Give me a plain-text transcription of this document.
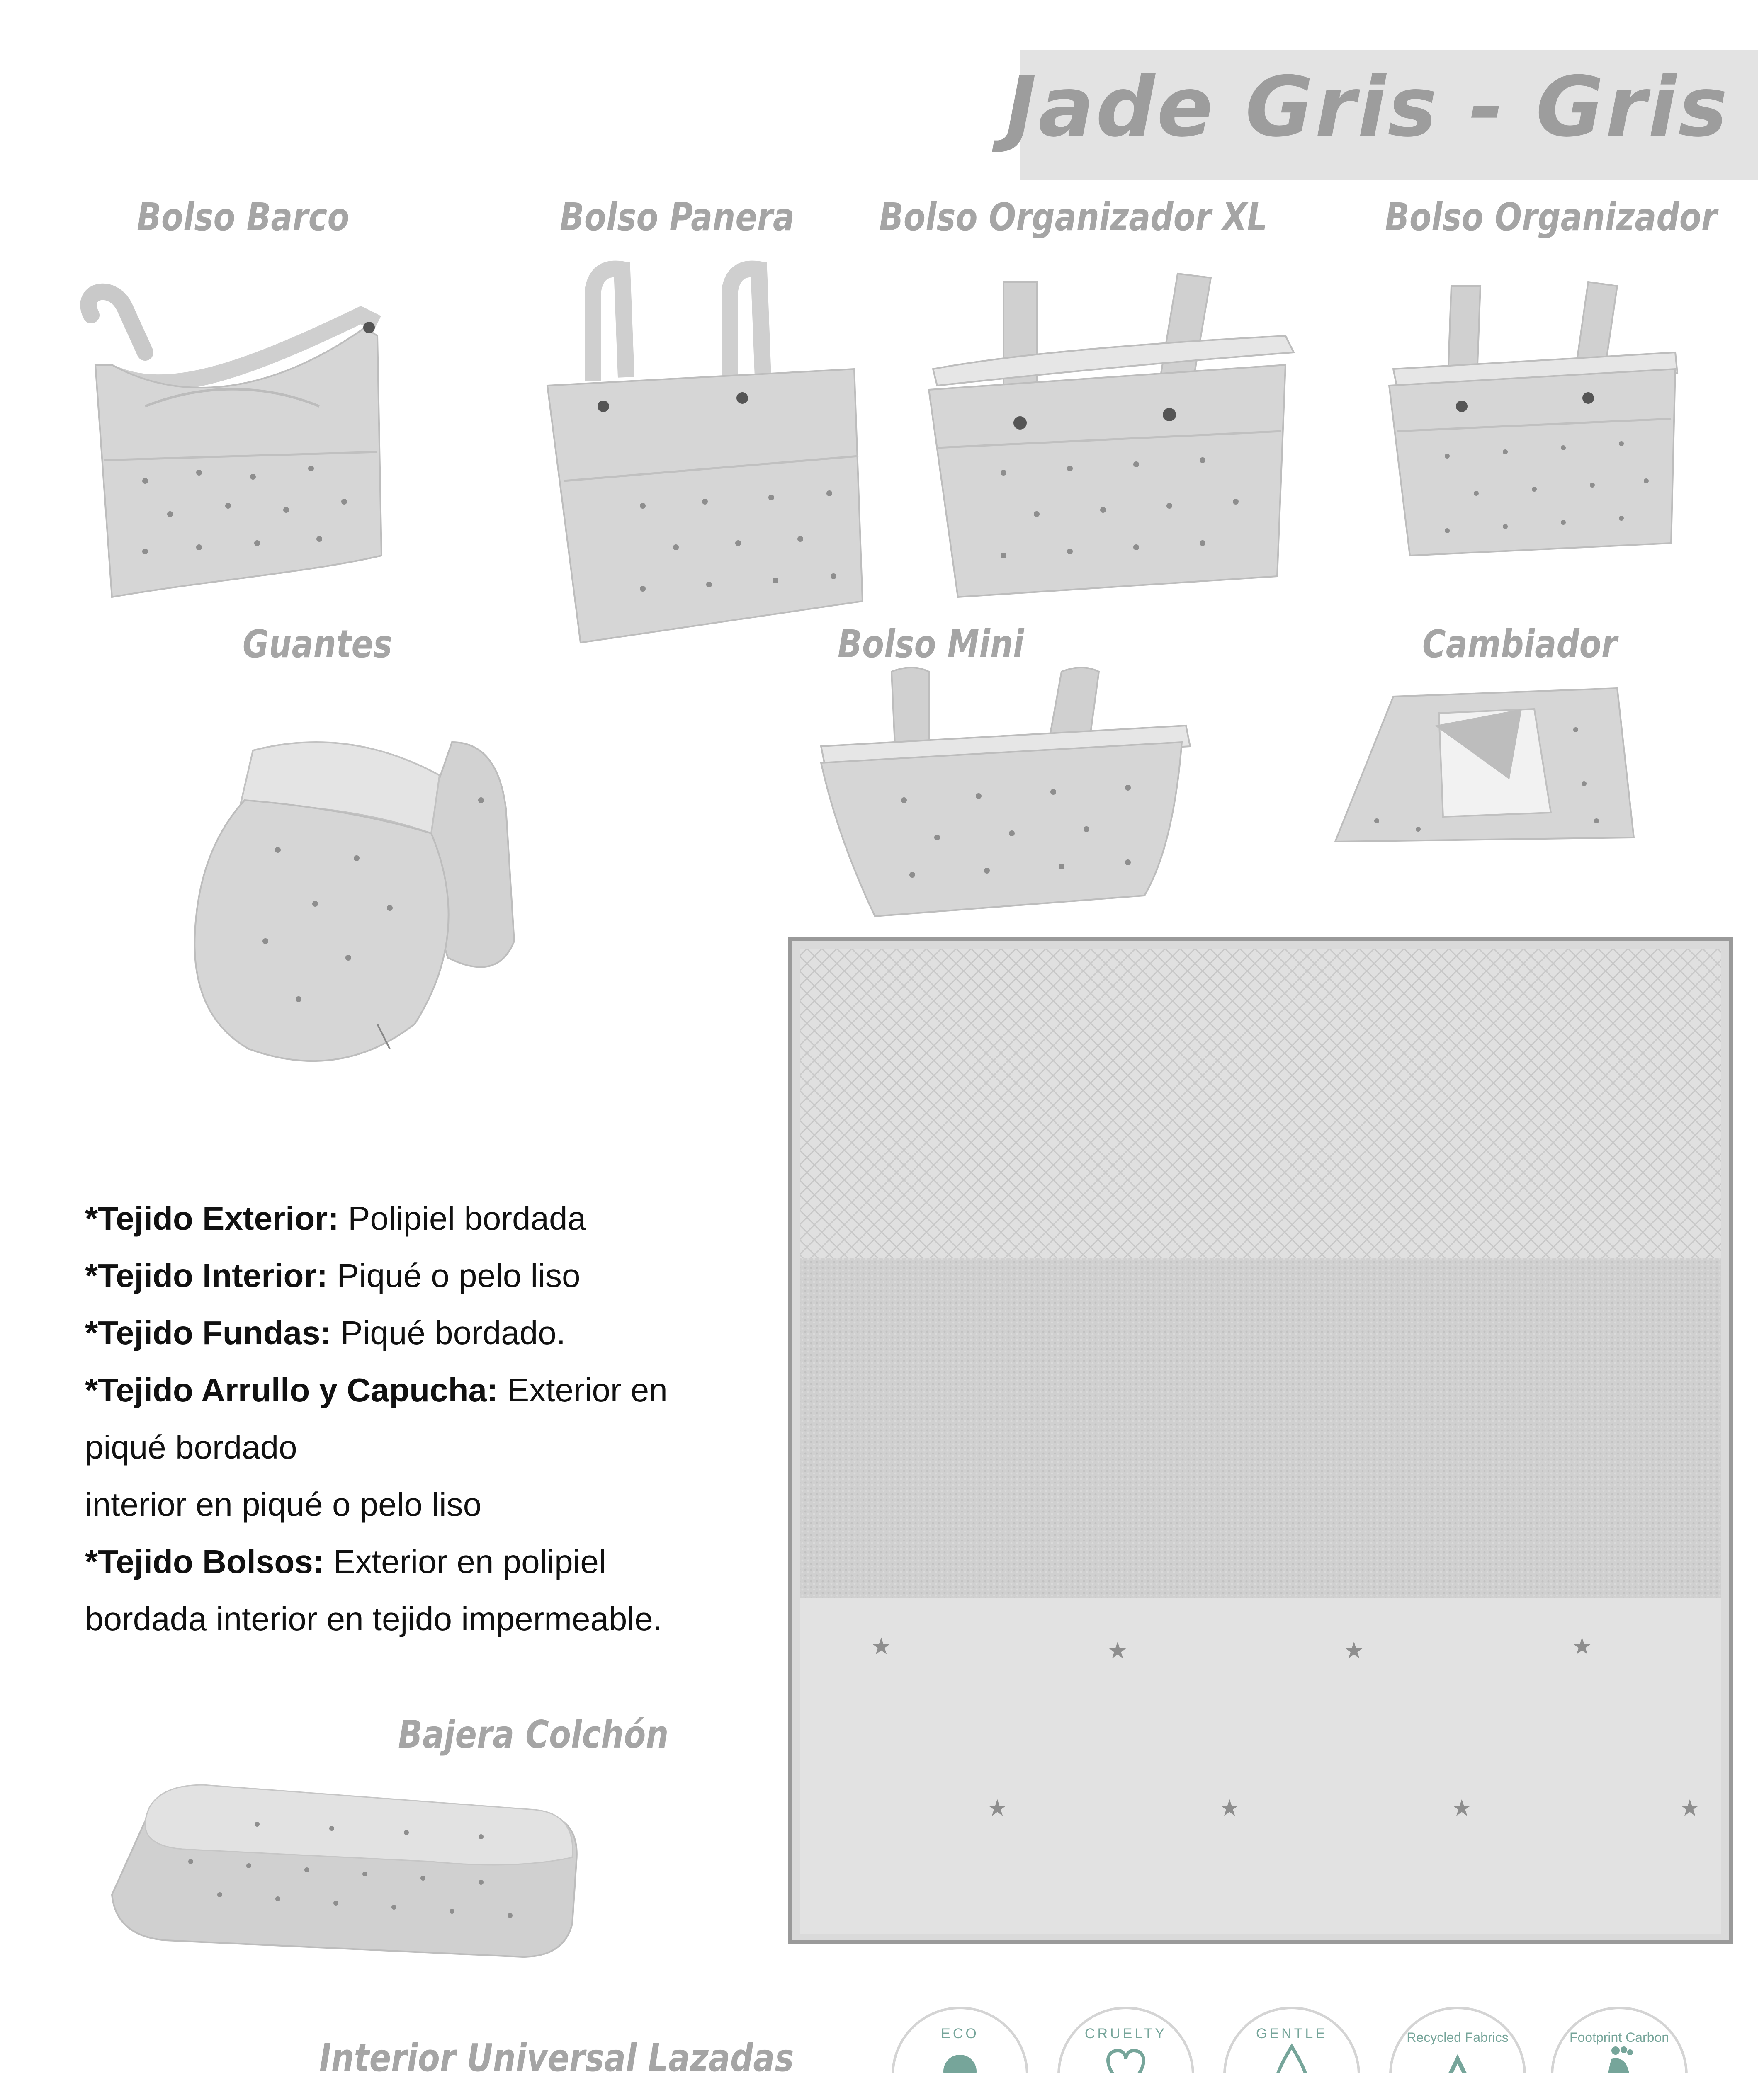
Jade Gris - Gris
Bolso Barco	Bolso Panera Bolso Organizador XL	Bolso Organizador
Guantes	Bolso Mini	Cambiador
Bajera Colchón
Interior Universal Lazadas
★	★	★	★
★	★	★	★
*Tejido Exterior: Polipiel bordada
*Tejido Interior: Piqué o pelo liso
*Tejido Fundas: Piqué bordado.
*Tejido Arrullo y Capucha: Exterior en
piqué bordado
interior en piqué o pelo liso
*Tejido Bolsos: Exterior en polipiel
bordada interior en tejido impermeable.
ECO	CRUELTY	GENTLE	Recycled Fabrics	Footprint Carbon
